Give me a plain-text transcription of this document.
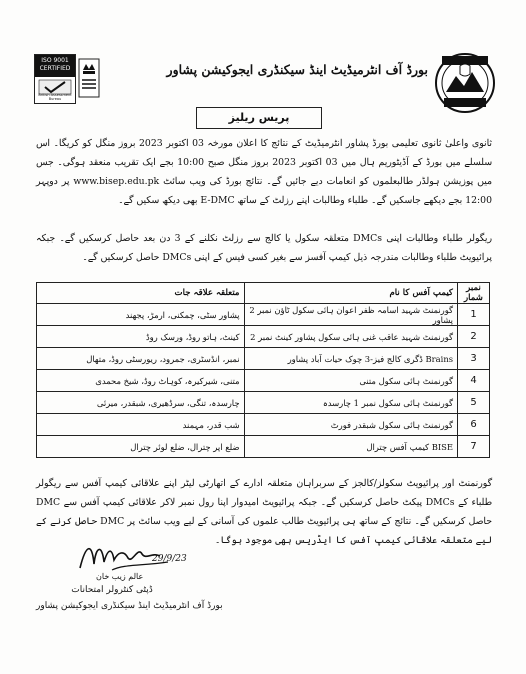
ISO 9001
CERTIFIED
British Assessment Bureau
بورڈ آف انٹرمیڈیٹ اینڈ سیکنڈری ایجوکیشن پشاور
پریس ریلیز

ثانوی واعلیٰ ثانوی تعلیمی بورڈ پشاور انٹرمیڈیٹ کے نتائج کا اعلان مورخہ 03 اکتوبر 2023 بروز منگل کو کریگا۔ اس سلسلے میں بورڈ کے آڈیٹوریم ہال میں 03 اکتوبر 2023 بروز منگل صبح 10:00 بجے ایک تقریب منعقد ہوگی۔ جس میں پوزیشن ہولڈر طالبعلموں کو انعامات دیے جائیں گے۔ نتائج بورڈ کی ویب سائٹ www.bisep.edu.pk پر دوپہر 12:00 بجے دیکھے جاسکیں گے۔ طلباء وطالبات اپنے رزلٹ کے ساتھ E-DMC بھی دیکھ سکیں گے۔

ریگولر طلباء وطالبات اپنی DMCs متعلقہ سکول یا کالج سے رزلٹ نکلنے کے 3 دن بعد حاصل کرسکیں گے۔ جبکہ پرائیویٹ طلباء وطالبات مندرجہ ذیل کیمپ آفسز سے بغیر کسی فیس کے اپنی DMCs حاصل کرسکیں گے۔

نمبر شمار	کیمپ آفس کا نام	متعلقہ علاقہ جات
1	گورنمنٹ شہید اسامہ ظفر اعوان ہائی سکول ٹاؤن نمبر 2 پشاور	پشاور سٹی، چمکنی، ارمڑ، پجھند
2	گورنمنٹ شہید عاقب غنی ہائی سکول پشاور کینٹ نمبر 2	کینٹ، ہاتو روڈ، ورسک روڈ
3	Brains ڈگری کالج فیز-3 چوک حیات آباد پشاور	نمبر، انڈسٹری، جمرود، ریورسٹی روڈ، متھال
4	گورنمنٹ ہائی سکول متنی	متنی، شیرکیرہ، کوہاٹ روڈ، شیخ محمدی
5	گورنمنٹ ہائی سکول نمبر 1 چارسدہ	چارسدہ، تنگی، سرڈھیری، شبقدر، میرئی
6	گورنمنٹ ہائی سکول شبقدر فورٹ	شب قدر، مہمند
7	BISE کیمپ آفس چترال	ضلع اپر چترال، ضلع لوئر چترال

گورنمنٹ اور پرائیویٹ سکولز/کالجز کے سربراہان متعلقہ ادارے کے اتھارٹی لیٹر اپنے علاقائی کیمپ آفس سے ریگولر طلباء کے DMCs پیکٹ حاصل کرسکیں گے۔ جبکہ پرائیویٹ امیدوار اپنا رول نمبر لاکر علاقائی کیمپ آفس سے DMC حاصل کرسکیں گے۔ نتائج کے ساتھ ہی پرائیویٹ طالب علموں کی آسانی کے لیے ویب سائٹ پر DMC حاصل کرنے کے لیے متعلقہ علاقائی کیمپ آفس کا ایڈریس بھی موجود ہوگا۔

29/9/23
عالم زیب خان
ڈپٹی کنٹرولر امتحانات
بورڈ آف انٹرمیڈیٹ اینڈ سیکنڈری ایجوکیشن پشاور
